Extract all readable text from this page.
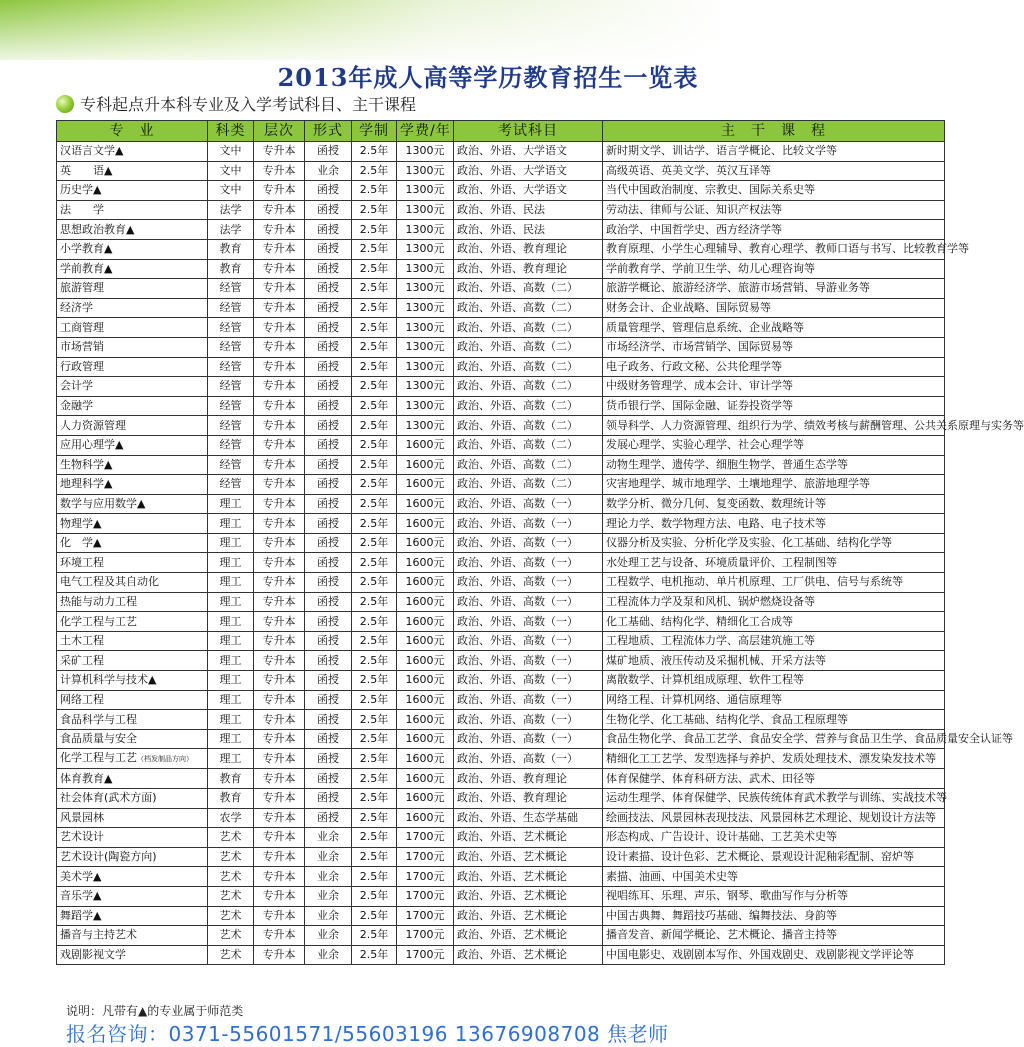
2013年成人高等学历教育招生一览表
专科起点升本科专业及入学考试科目、主干课程
专　业	科类	层次	形式	学制	学费/年	考试科目	主　干　课　程
汉语言文学▲	文中	专升本	函授	2.5年	1300元	政治、外语、大学语文	新时期文学、训诂学、语言学概论、比较文学等
英　　语▲	文中	专升本	业余	2.5年	1300元	政治、外语、大学语文	高级英语、英美文学、英汉互译等
历史学▲	文中	专升本	函授	2.5年	1300元	政治、外语、大学语文	当代中国政治制度、宗教史、国际关系史等
法　　学	法学	专升本	函授	2.5年	1300元	政治、外语、民法	劳动法、律师与公证、知识产权法等
思想政治教育▲	法学	专升本	函授	2.5年	1300元	政治、外语、民法	政治学、中国哲学史、西方经济学等
小学教育▲	教育	专升本	函授	2.5年	1300元	政治、外语、教育理论	教育原理、小学生心理辅导、教育心理学、教师口语与书写、比较教育学等
学前教育▲	教育	专升本	函授	2.5年	1300元	政治、外语、教育理论	学前教育学、学前卫生学、幼儿心理咨询等
旅游管理	经管	专升本	函授	2.5年	1300元	政治、外语、高数（二）	旅游学概论、旅游经济学、旅游市场营销、导游业务等
经济学	经管	专升本	函授	2.5年	1300元	政治、外语、高数（二）	财务会计、企业战略、国际贸易等
工商管理	经管	专升本	函授	2.5年	1300元	政治、外语、高数（二）	质量管理学、管理信息系统、企业战略等
市场营销	经管	专升本	函授	2.5年	1300元	政治、外语、高数（二）	市场经济学、市场营销学、国际贸易等
行政管理	经管	专升本	函授	2.5年	1300元	政治、外语、高数（二）	电子政务、行政文秘、公共伦理学等
会计学	经管	专升本	函授	2.5年	1300元	政治、外语、高数（二）	中级财务管理学、成本会计、审计学等
金融学	经管	专升本	函授	2.5年	1300元	政治、外语、高数（二）	货币银行学、国际金融、证券投资学等
人力资源管理	经管	专升本	函授	2.5年	1300元	政治、外语、高数（二）	领导科学、人力资源管理、组织行为学、绩效考核与薪酬管理、公共关系原理与实务等
应用心理学▲	经管	专升本	函授	2.5年	1600元	政治、外语、高数（二）	发展心理学、实验心理学、社会心理学等
生物科学▲	经管	专升本	函授	2.5年	1600元	政治、外语、高数（二）	动物生理学、遗传学、细胞生物学、普通生态学等
地理科学▲	经管	专升本	函授	2.5年	1600元	政治、外语、高数（二）	灾害地理学、城市地理学、土壤地理学、旅游地理学等
数学与应用数学▲	理工	专升本	函授	2.5年	1600元	政治、外语、高数（一）	数学分析、微分几何、复变函数、数理统计等
物理学▲	理工	专升本	函授	2.5年	1600元	政治、外语、高数（一）	理论力学、数学物理方法、电路、电子技术等
化　学▲	理工	专升本	函授	2.5年	1600元	政治、外语、高数（一）	仪器分析及实验、分析化学及实验、化工基础、结构化学等
环境工程	理工	专升本	函授	2.5年	1600元	政治、外语、高数（一）	水处理工艺与设备、环境质量评价、工程制图等
电气工程及其自动化	理工	专升本	函授	2.5年	1600元	政治、外语、高数（一）	工程数学、电机拖动、单片机原理、工厂供电、信号与系统等
热能与动力工程	理工	专升本	函授	2.5年	1600元	政治、外语、高数（一）	工程流体力学及泵和风机、锅炉燃烧设备等
化学工程与工艺	理工	专升本	函授	2.5年	1600元	政治、外语、高数（一）	化工基础、结构化学、精细化工合成等
土木工程	理工	专升本	函授	2.5年	1600元	政治、外语、高数（一）	工程地质、工程流体力学、高层建筑施工等
采矿工程	理工	专升本	函授	2.5年	1600元	政治、外语、高数（一）	煤矿地质、液压传动及采掘机械、开采方法等
计算机科学与技术▲	理工	专升本	函授	2.5年	1600元	政治、外语、高数（一）	离散数学、计算机组成原理、软件工程等
网络工程	理工	专升本	函授	2.5年	1600元	政治、外语、高数（一）	网络工程、计算机网络、通信原理等
食品科学与工程	理工	专升本	函授	2.5年	1600元	政治、外语、高数（一）	生物化学、化工基础、结构化学、食品工程原理等
食品质量与安全	理工	专升本	函授	2.5年	1600元	政治、外语、高数（一）	食品生物化学、食品工艺学、食品安全学、营养与食品卫生学、食品质量安全认证等
化学工程与工艺（档发制品方向）	理工	专升本	函授	2.5年	1600元	政治、外语、高数（一）	精细化工工艺学、发型选择与养护、发质处理技术、漂发染发技术等
体育教育▲	教育	专升本	函授	2.5年	1600元	政治、外语、教育理论	体育保健学、体育科研方法、武术、田径等
社会体育(武术方面)	教育	专升本	函授	2.5年	1600元	政治、外语、教育理论	运动生理学、体育保健学、民族传统体育武术教学与训练、实战技术等
风景园林	农学	专升本	函授	2.5年	1600元	政治、外语、生态学基础	绘画技法、风景园林表现技法、风景园林艺术理论、规划设计方法等
艺术设计	艺术	专升本	业余	2.5年	1700元	政治、外语、艺术概论	形态构成、广告设计、设计基础、工艺美术史等
艺术设计(陶瓷方向)	艺术	专升本	业余	2.5年	1700元	政治、外语、艺术概论	设计素描、设计色彩、艺术概论、景观设计泥釉彩配制、窑炉等
美术学▲	艺术	专升本	业余	2.5年	1700元	政治、外语、艺术概论	素描、油画、中国美术史等
音乐学▲	艺术	专升本	业余	2.5年	1700元	政治、外语、艺术概论	视唱练耳、乐理、声乐、钢琴、歌曲写作与分析等
舞蹈学▲	艺术	专升本	业余	2.5年	1700元	政治、外语、艺术概论	中国古典舞、舞蹈技巧基础、编舞技法、身韵等
播音与主持艺术	艺术	专升本	业余	2.5年	1700元	政治、外语、艺术概论	播音发音、新闻学概论、艺术概论、播音主持等
戏剧影视文学	艺术	专升本	业余	2.5年	1700元	政治、外语、艺术概论	中国电影史、戏剧剧本写作、外国戏剧史、戏剧影视文学评论等
说明：凡带有▲的专业属于师范类
报名咨询：0371-55601571/55603196 13676908708 焦老师
